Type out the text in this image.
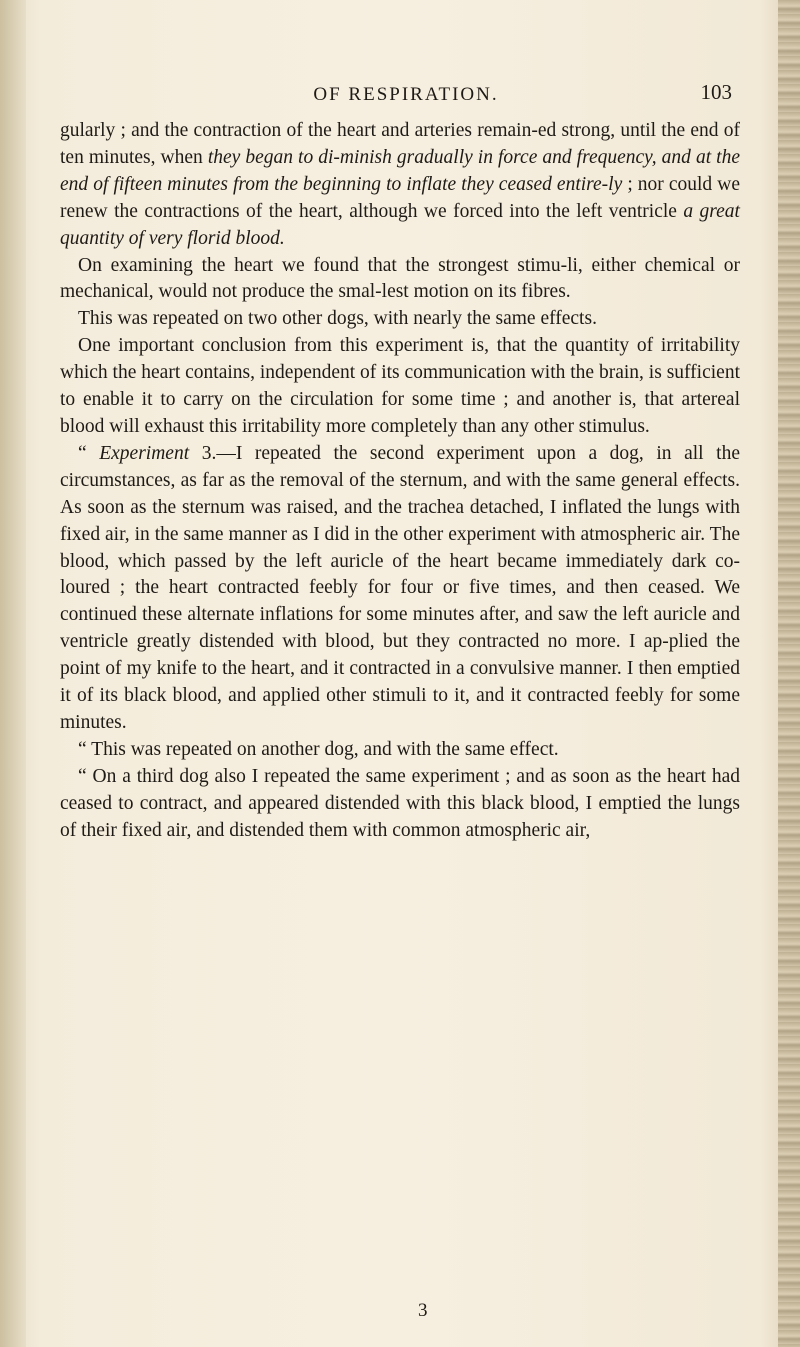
OF RESPIRATION.	103

gularly ; and the contraction of the heart and arteries remain-ed strong, until the end of ten minutes, when they began to di-minish gradually in force and frequency, and at the end of fifteen minutes from the beginning to inflate they ceased entire-ly ; nor could we renew the contractions of the heart, although we forced into the left ventricle a great quantity of very florid blood.

On examining the heart we found that the strongest stimu-li, either chemical or mechanical, would not produce the smal-lest motion on its fibres.

This was repeated on two other dogs, with nearly the same effects.

One important conclusion from this experiment is, that the quantity of irritability which the heart contains, independent of its communication with the brain, is sufficient to enable it to carry on the circulation for some time ; and another is, that artereal blood will exhaust this irritability more completely than any other stimulus.

“ Experiment 3.—I repeated the second experiment upon a dog, in all the circumstances, as far as the removal of the sternum, and with the same general effects. As soon as the sternum was raised, and the trachea detached, I inflated the lungs with fixed air, in the same manner as I did in the other experiment with atmospheric air. The blood, which passed by the left auricle of the heart became immediately dark co-loured ; the heart contracted feebly for four or five times, and then ceased. We continued these alternate inflations for some minutes after, and saw the left auricle and ventricle greatly distended with blood, but they contracted no more. I ap-plied the point of my knife to the heart, and it contracted in a convulsive manner. I then emptied it of its black blood, and applied other stimuli to it, and it contracted feebly for some minutes.

“ This was repeated on another dog, and with the same effect.

“ On a third dog also I repeated the same experiment ; and as soon as the heart had ceased to contract, and appeared distended with this black blood, I emptied the lungs of their fixed air, and distended them with common atmospheric air,

3
